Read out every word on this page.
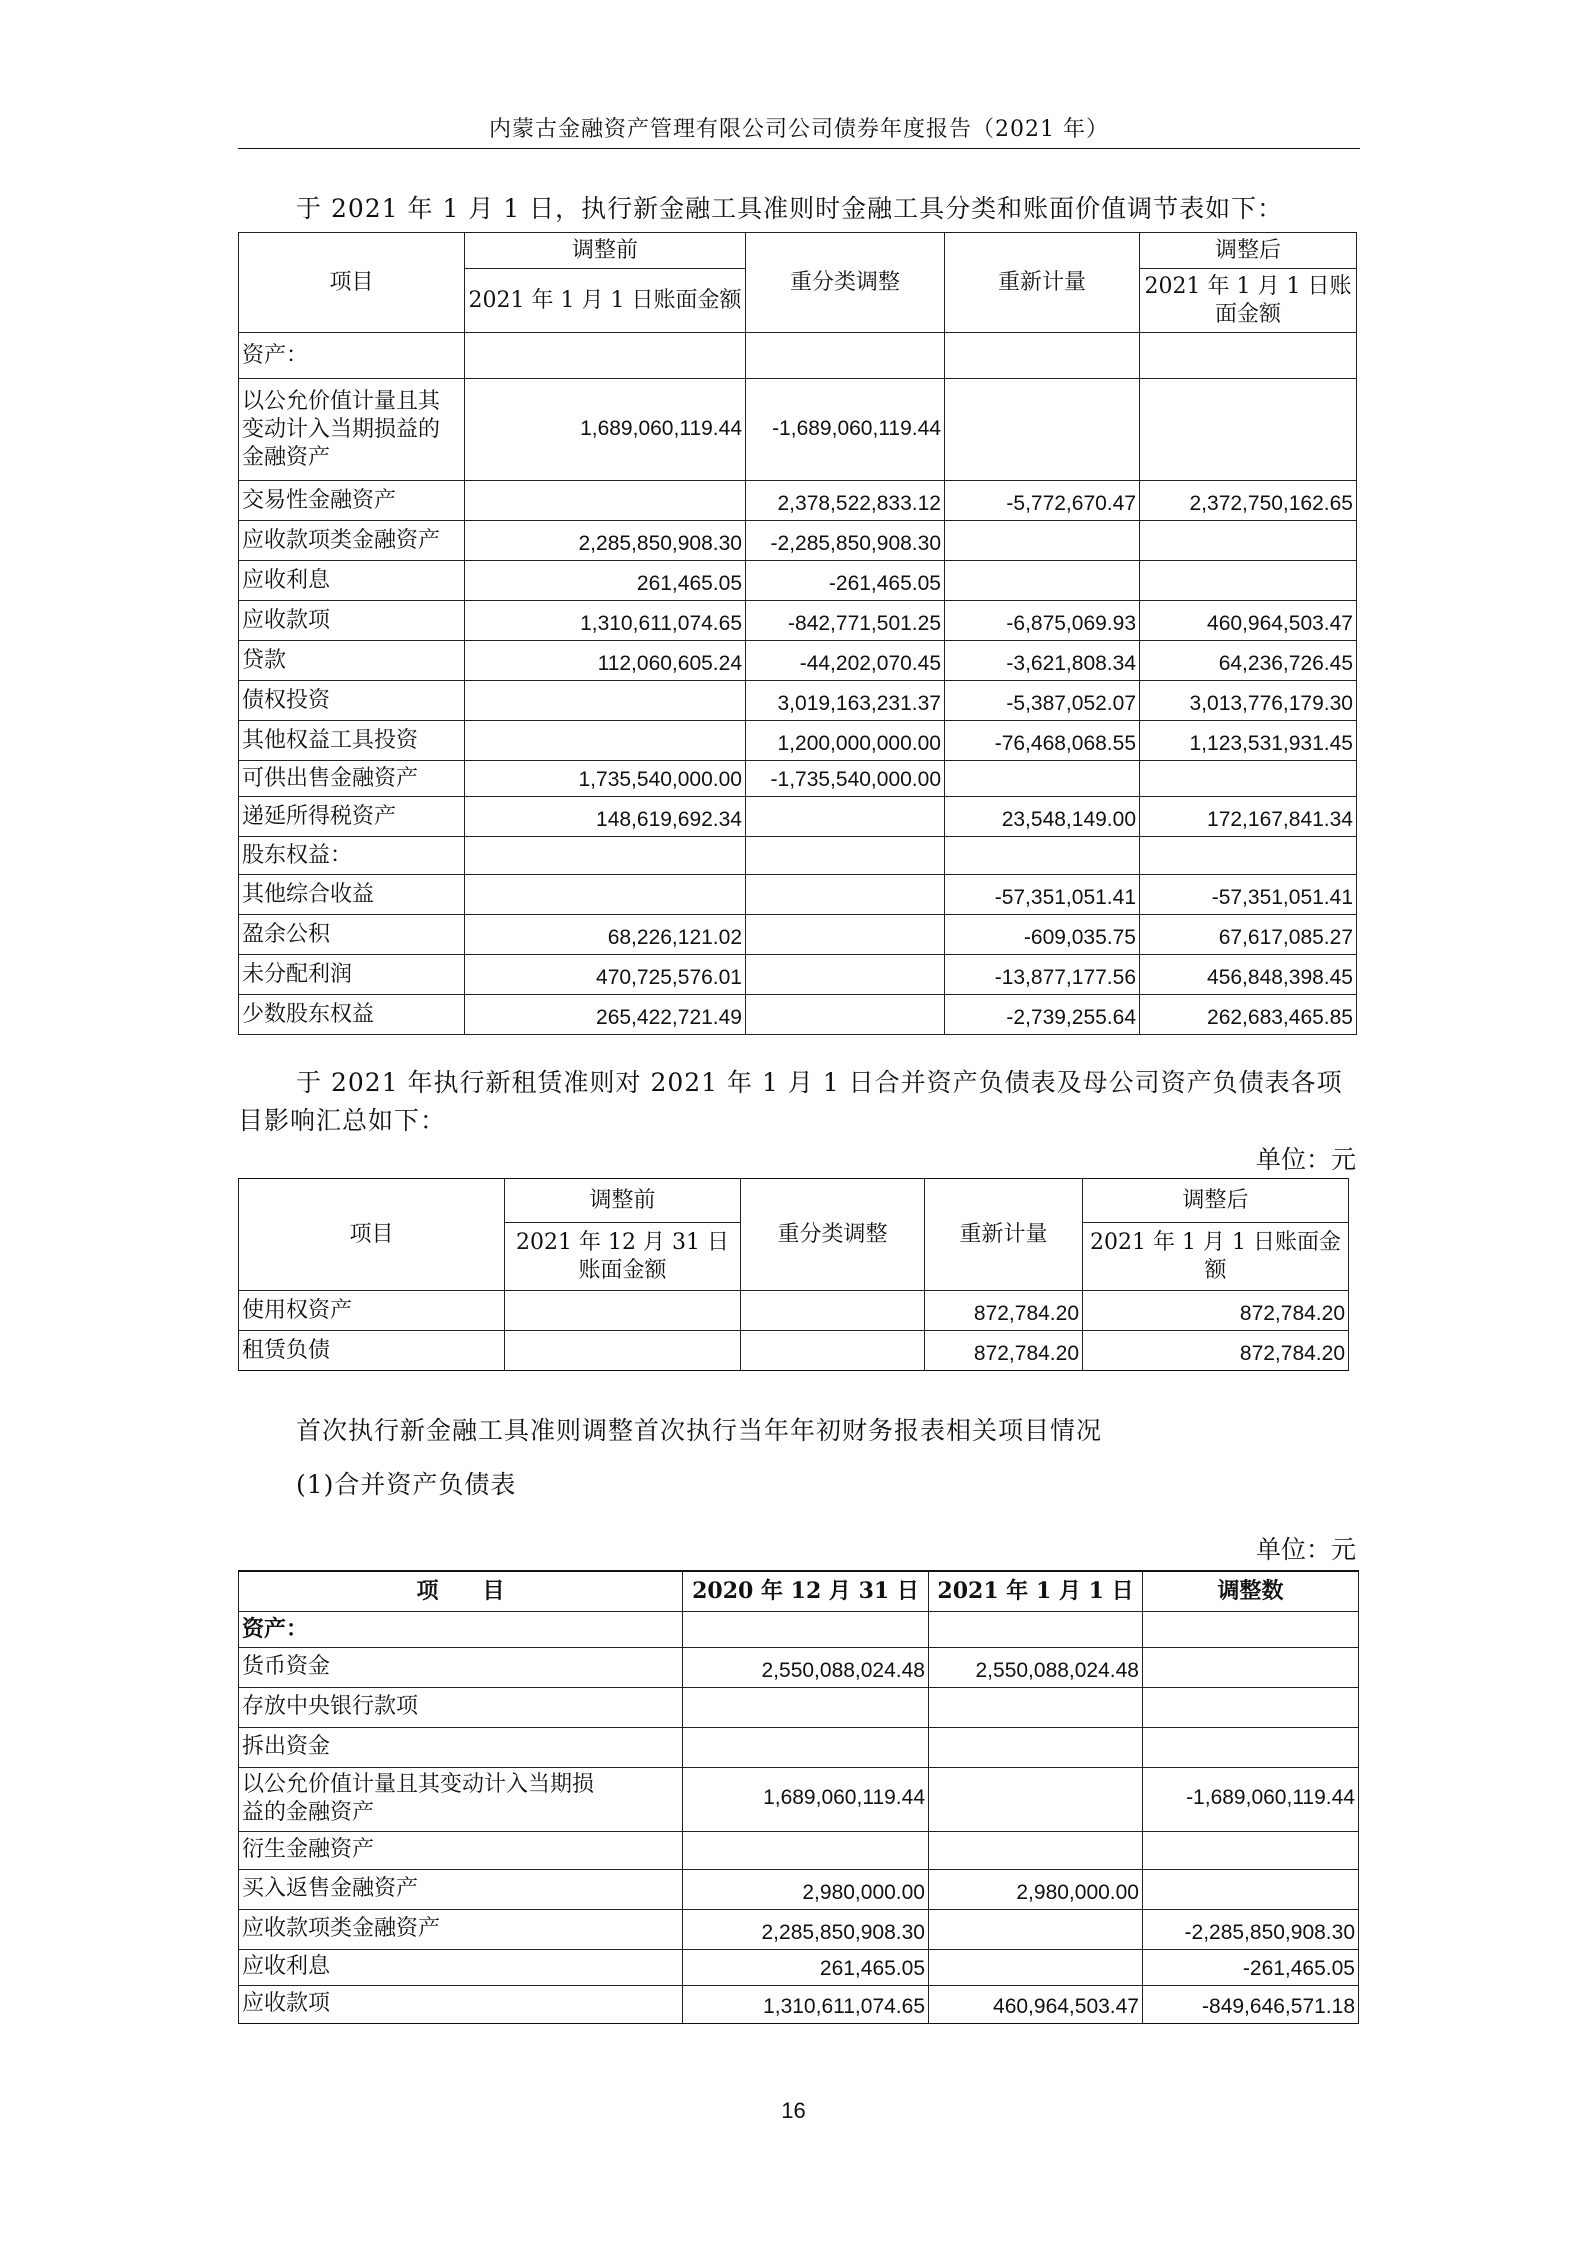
内蒙古金融资产管理有限公司公司债券年度报告（2021 年）
于 2021 年 1 月 1 日，执行新金融工具准则时金融工具分类和账面价值调节表如下：
项目	调整前	重分类调整	重新计量	调整后
	2021 年 1 月 1 日账面金额			2021 年 1 月 1 日账面金额
资产：				
以公允价值计量且其变动计入当期损益的金融资产	1,689,060,119.44	-1,689,060,119.44		
交易性金融资产		2,378,522,833.12	-5,772,670.47	2,372,750,162.65
应收款项类金融资产	2,285,850,908.30	-2,285,850,908.30		
应收利息	261,465.05	-261,465.05		
应收款项	1,310,611,074.65	-842,771,501.25	-6,875,069.93	460,964,503.47
贷款	112,060,605.24	-44,202,070.45	-3,621,808.34	64,236,726.45
债权投资		3,019,163,231.37	-5,387,052.07	3,013,776,179.30
其他权益工具投资		1,200,000,000.00	-76,468,068.55	1,123,531,931.45
可供出售金融资产	1,735,540,000.00	-1,735,540,000.00		
递延所得税资产	148,619,692.34		23,548,149.00	172,167,841.34
股东权益：				
其他综合收益			-57,351,051.41	-57,351,051.41
盈余公积	68,226,121.02		-609,035.75	67,617,085.27
未分配利润	470,725,576.01		-13,877,177.56	456,848,398.45
少数股东权益	265,422,721.49		-2,739,255.64	262,683,465.85
于 2021 年执行新租赁准则对 2021 年 1 月 1 日合并资产负债表及母公司资产负债表各项目影响汇总如下：
单位：元
项目	调整前	重分类调整	重新计量	调整后
	2021 年 12 月 31 日账面金额			2021 年 1 月 1 日账面金额
使用权资产			872,784.20	872,784.20
租赁负债			872,784.20	872,784.20
首次执行新金融工具准则调整首次执行当年年初财务报表相关项目情况
(1)合并资产负债表
单位：元
项　　目	2020 年 12 月 31 日	2021 年 1 月 1 日	调整数
资产：			
货币资金	2,550,088,024.48	2,550,088,024.48	
存放中央银行款项			
拆出资金			
以公允价值计量且其变动计入当期损益的金融资产	1,689,060,119.44		-1,689,060,119.44
衍生金融资产			
买入返售金融资产	2,980,000.00	2,980,000.00	
应收款项类金融资产	2,285,850,908.30		-2,285,850,908.30
应收利息	261,465.05		-261,465.05
应收款项	1,310,611,074.65	460,964,503.47	-849,646,571.18
16
